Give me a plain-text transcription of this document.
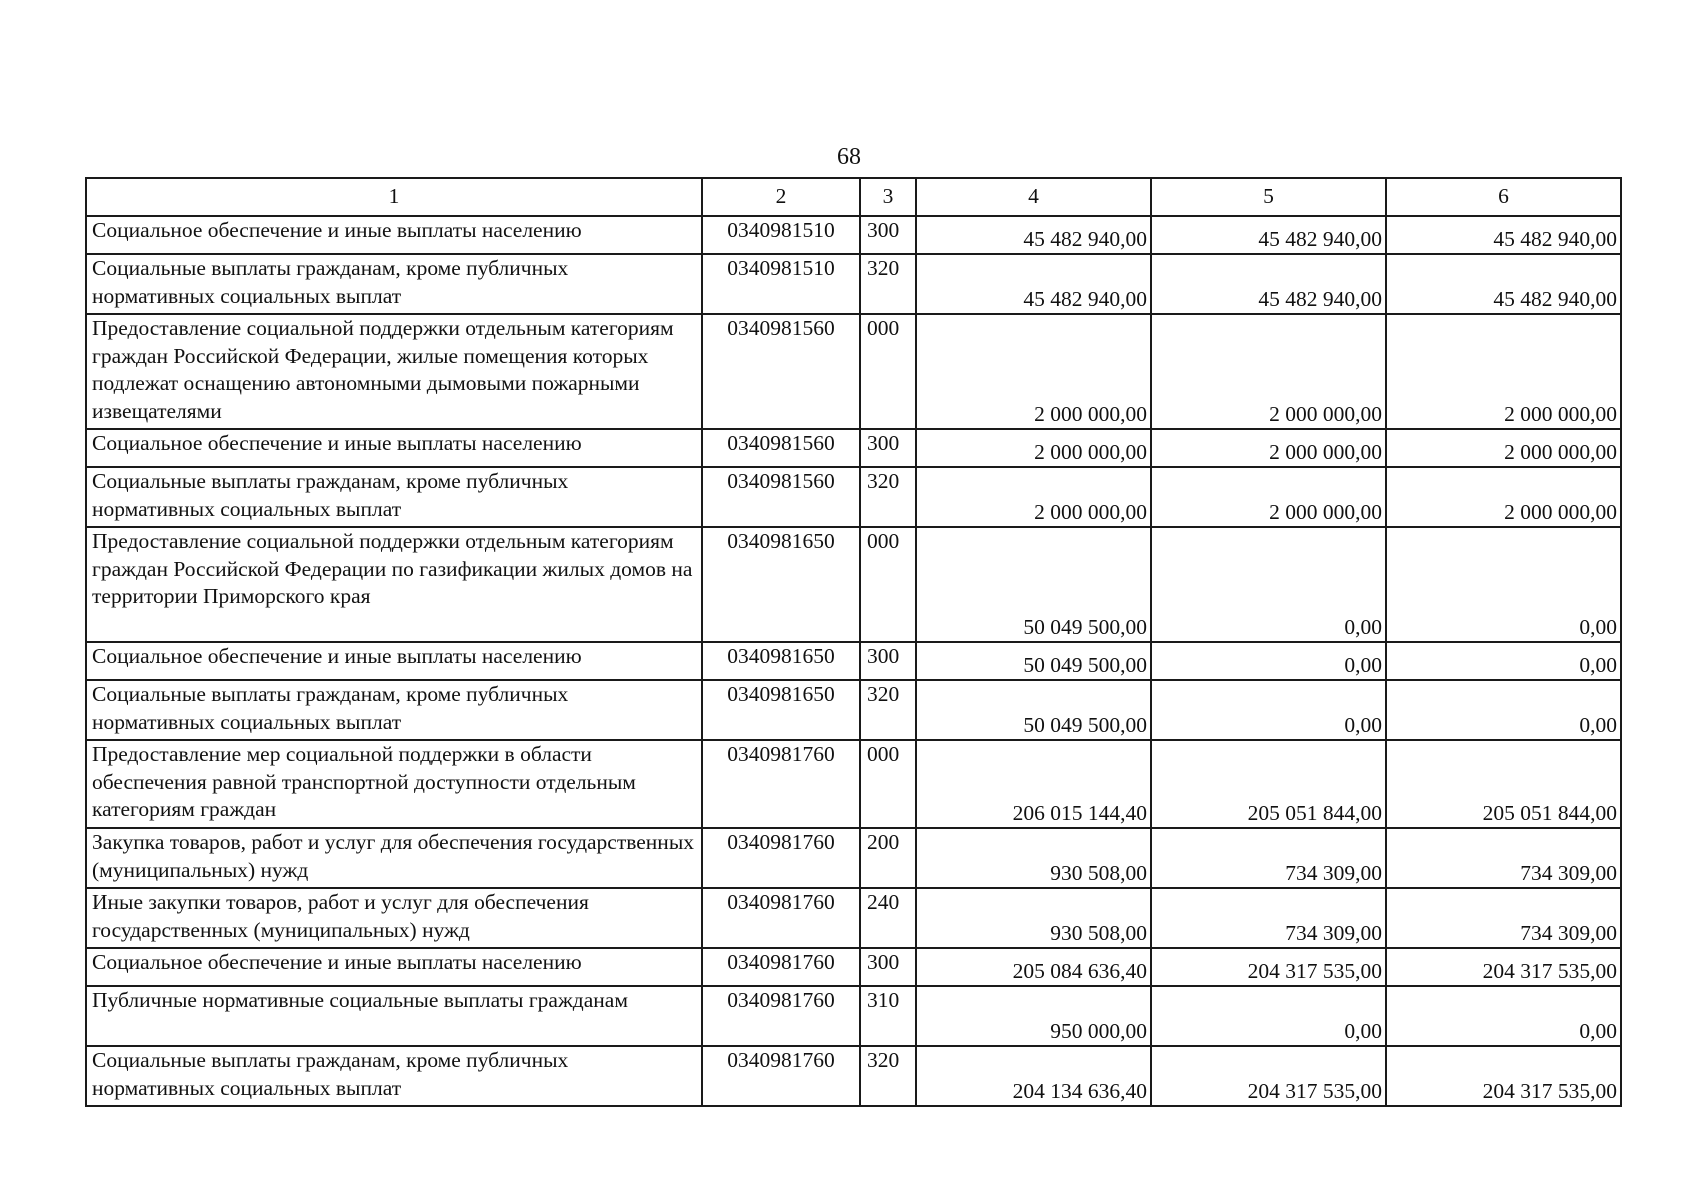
68
1	2	3	4	5	6
Социальное обеспечение и иные выплаты населению	0340981510	300	45 482 940,00	45 482 940,00	45 482 940,00
Социальные выплаты гражданам, кроме публичных нормативных социальных выплат	0340981510	320	45 482 940,00	45 482 940,00	45 482 940,00
Предоставление социальной поддержки отдельным категориям граждан Российской Федерации, жилые помещения которых подлежат оснащению автономными дымовыми пожарными извещателями	0340981560	000	2 000 000,00	2 000 000,00	2 000 000,00
Социальное обеспечение и иные выплаты населению	0340981560	300	2 000 000,00	2 000 000,00	2 000 000,00
Социальные выплаты гражданам, кроме публичных нормативных социальных выплат	0340981560	320	2 000 000,00	2 000 000,00	2 000 000,00
Предоставление социальной поддержки отдельным категориям граждан Российской Федерации по газификации жилых домов на территории Приморского края	0340981650	000	50 049 500,00	0,00	0,00
Социальное обеспечение и иные выплаты населению	0340981650	300	50 049 500,00	0,00	0,00
Социальные выплаты гражданам, кроме публичных нормативных социальных выплат	0340981650	320	50 049 500,00	0,00	0,00
Предоставление мер социальной поддержки в области обеспечения равной транспортной доступности отдельным категориям граждан	0340981760	000	206 015 144,40	205 051 844,00	205 051 844,00
Закупка товаров, работ и услуг для обеспечения государственных (муниципальных) нужд	0340981760	200	930 508,00	734 309,00	734 309,00
Иные закупки товаров, работ и услуг для обеспечения государственных (муниципальных) нужд	0340981760	240	930 508,00	734 309,00	734 309,00
Социальное обеспечение и иные выплаты населению	0340981760	300	205 084 636,40	204 317 535,00	204 317 535,00
Публичные нормативные социальные выплаты гражданам	0340981760	310	950 000,00	0,00	0,00
Социальные выплаты гражданам, кроме публичных нормативных социальных выплат	0340981760	320	204 134 636,40	204 317 535,00	204 317 535,00
